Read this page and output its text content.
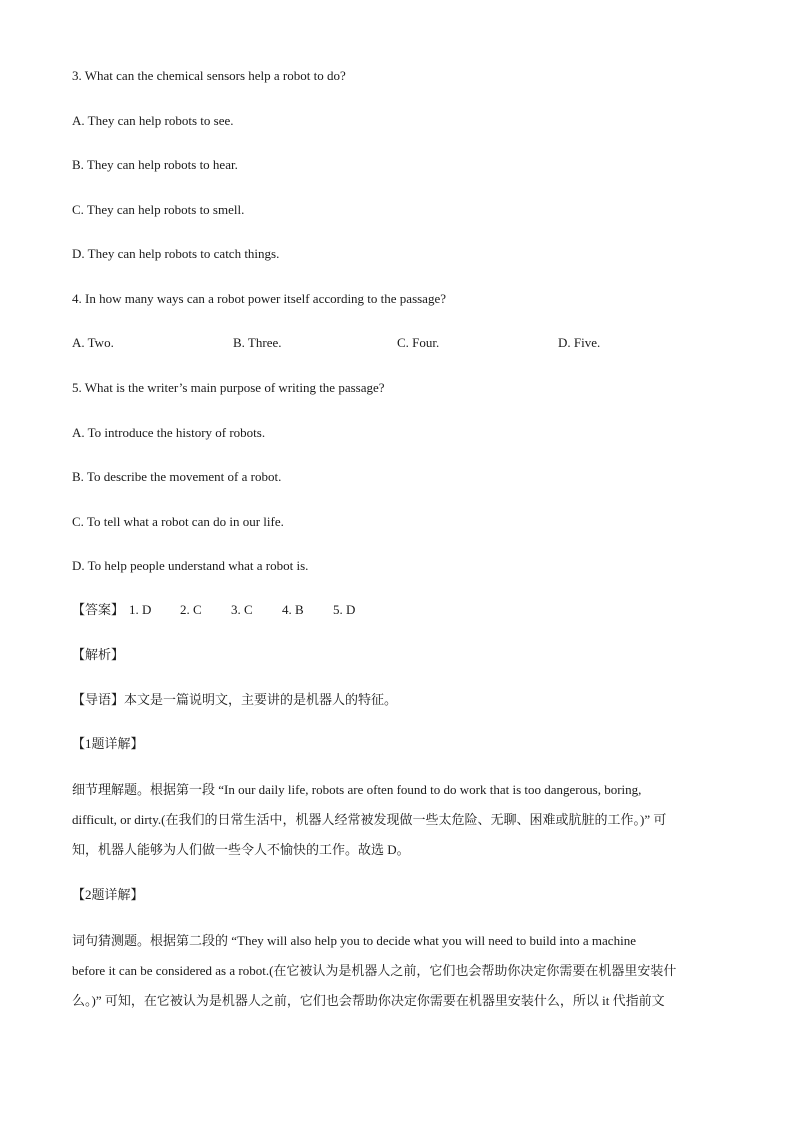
3. What can the chemical sensors help a robot to do?
A. They can help robots to see.
B. They can help robots to hear.
C. They can help robots to smell.
D. They can help robots to catch things.
4. In how many ways can a robot power itself according to the passage?
A. Two.	B. Three.	C. Four.	D. Five.
5. What is the writer’s main purpose of writing the passage?
A. To introduce the history of robots.
B. To describe the movement of a robot.
C. To tell what a robot can do in our life.
D. To help people understand what a robot is.
【答案】 1. D 2. C 3. C 4. B 5. D
【解析】
【导语】本文是一篇说明文，主要讲的是机器人的特征。
【1题详解】
细节理解题。根据第一段 “In our daily life, robots are often found to do work that is too dangerous, boring,
difficult, or dirty.(在我们的日常生活中，机器人经常被发现做一些太危险、无聊、困难或肮脏的工作。)” 可
知，机器人能够为人们做一些令人不愉快的工作。故选 D。
【2题详解】
词句猜测题。根据第二段的 “They will also help you to decide what you will need to build into a machine
before it can be considered as a robot.(在它被认为是机器人之前，它们也会帮助你决定你需要在机器里安装什
么。)” 可知，在它被认为是机器人之前，它们也会帮助你决定你需要在机器里安装什么，所以 it 代指前文
